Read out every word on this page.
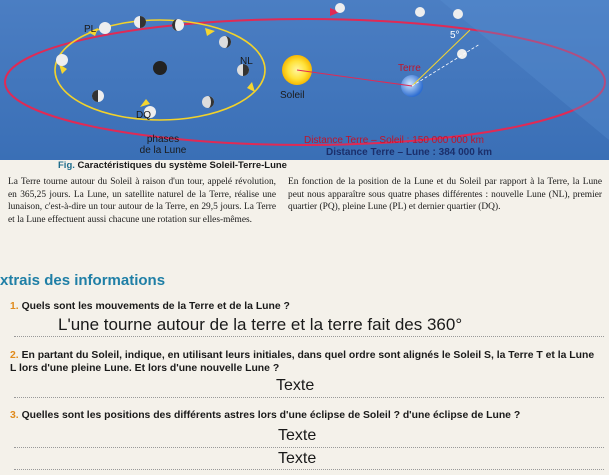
PL
NL
DQ
Soleil
Terre
5°
phases
de la Lune
Distance Terre – Soleil : 150 000 000 km
Distance Terre – Lune : 384 000 km
Fig. Caractéristiques du système Soleil-Terre-Lune
La Terre tourne autour du Soleil à raison d'un tour, appelé révolution, en 365,25 jours. La Lune, un satellite naturel de la Terre, réalise une lunaison, c'est-à-dire un tour autour de la Terre, en 29,5 jours. La Terre et la Lune effectuent aussi chacune une rotation sur elles-mêmes.
En fonction de la position de la Lune et du Soleil par rapport à la Terre, la Lune peut nous apparaître sous quatre phases différentes : nouvelle Lune (NL), premier quartier (PQ), pleine Lune (PL) et dernier quartier (DQ).
xtrais des informations
1. Quels sont les mouvements de la Terre et de la Lune ?
L'une tourne autour de la terre et la terre fait des 360°
2. En partant du Soleil, indique, en utilisant leurs initiales, dans quel ordre sont alignés le Soleil S, la Terre T et la Lune L lors d'une pleine Lune. Et lors d'une nouvelle Lune ?
Texte
3. Quelles sont les positions des différents astres lors d'une éclipse de Soleil ? d'une éclipse de Lune ?
Texte
Texte
